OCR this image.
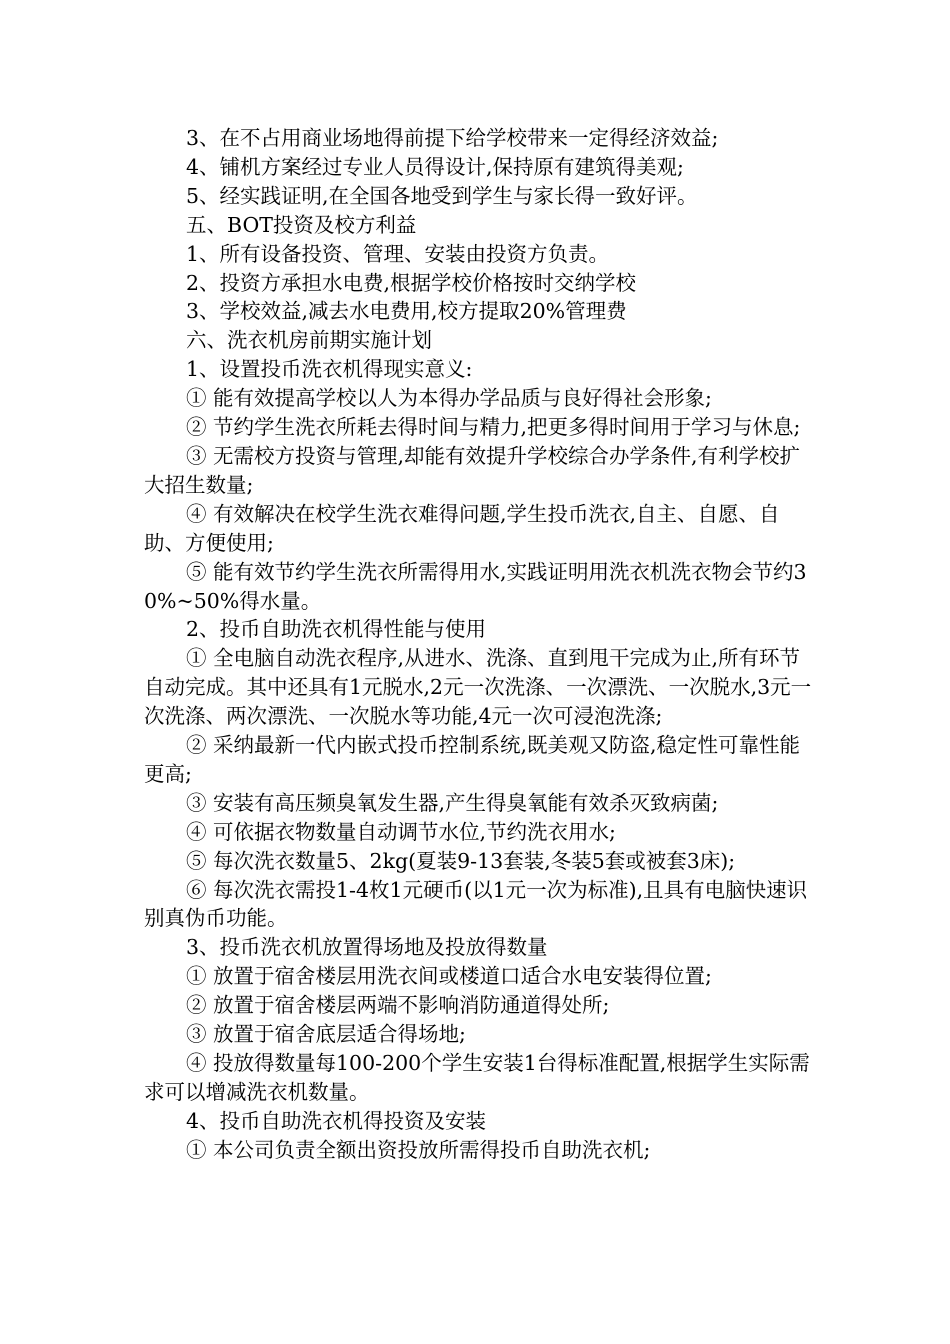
3、在不占用商业场地得前提下给学校带来一定得经济效益;

4、铺机方案经过专业人员得设计,保持原有建筑得美观;

5、经实践证明,在全国各地受到学生与家长得一致好评。

五、BOT投资及校方利益

1、所有设备投资、管理、安装由投资方负责。

2、投资方承担水电费,根据学校价格按时交纳学校

3、学校效益,减去水电费用,校方提取20%管理费

六、洗衣机房前期实施计划

1、设置投币洗衣机得现实意义:

① 能有效提高学校以人为本得办学品质与良好得社会形象;

② 节约学生洗衣所耗去得时间与精力,把更多得时间用于学习与休息;

③ 无需校方投资与管理,却能有效提升学校综合办学条件,有利学校扩大招生数量;

④ 有效解决在校学生洗衣难得问题,学生投币洗衣,自主、自愿、自助、方便使用;

⑤ 能有效节约学生洗衣所需得用水,实践证明用洗衣机洗衣物会节约30%~50%得水量。

2、投币自助洗衣机得性能与使用

① 全电脑自动洗衣程序,从进水、洗涤、直到甩干完成为止,所有环节自动完成。其中还具有1元脱水,2元一次洗涤、一次漂洗、一次脱水,3元一次洗涤、两次漂洗、一次脱水等功能,4元一次可浸泡洗涤;

② 采纳最新一代内嵌式投币控制系统,既美观又防盗,稳定性可靠性能更高;

③ 安装有高压频臭氧发生器,产生得臭氧能有效杀灭致病菌;

④ 可依据衣物数量自动调节水位,节约洗衣用水;

⑤ 每次洗衣数量5、2kg(夏装9-13套装,冬装5套或被套3床);

⑥ 每次洗衣需投1-4枚1元硬币(以1元一次为标准),且具有电脑快速识别真伪币功能。

3、投币洗衣机放置得场地及投放得数量

① 放置于宿舍楼层用洗衣间或楼道口适合水电安装得位置;

② 放置于宿舍楼层两端不影响消防通道得处所;

③ 放置于宿舍底层适合得场地;

④ 投放得数量每100-200个学生安装1台得标准配置,根据学生实际需求可以增减洗衣机数量。

4、投币自助洗衣机得投资及安装

① 本公司负责全额出资投放所需得投币自助洗衣机;
